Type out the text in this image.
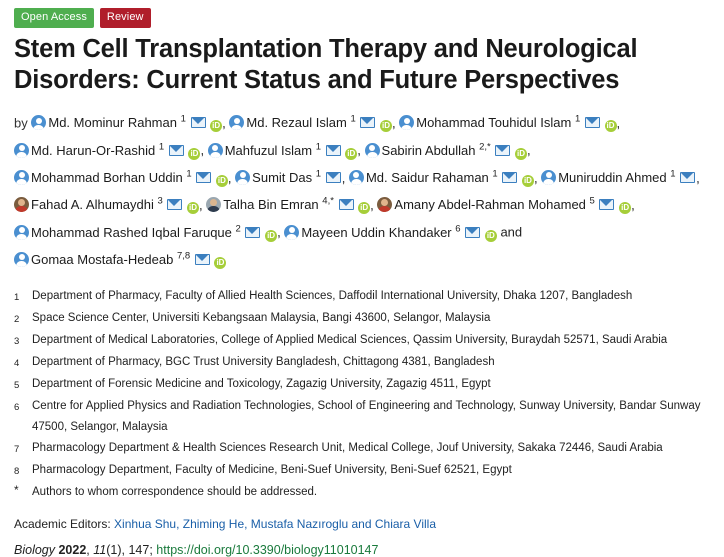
Open Access	Review
Stem Cell Transplantation Therapy and Neurological Disorders: Current Status and Future Perspectives
by Md. Mominur Rahman $^1$  iD , Md. Rezaul Islam $^1$  iD , Mohammad Touhidul Islam $^1$  iD , Md. Harun-Or-Rashid $^1$  iD , Mahfuzul Islam $^1$  iD , Sabirin Abdullah $^{2,*}$  iD , Mohammad Borhan Uddin $^1$  iD , Sumit Das $^1$ , Md. Saidur Rahaman $^1$  iD , Muniruddin Ahmed $^1$ , Fahad A. Alhumaydhi $^3$  iD , Talha Bin Emran $^{4,*}$  iD , Amany Abdel-Rahman Mohamed $^5$  iD , Mohammad Rashed Iqbal Faruque $^2$  iD , Mayeen Uddin Khandaker $^6$  iD and Gomaa Mostafa-Hedeab $^{7,8}$  iD
1	Department of Pharmacy, Faculty of Allied Health Sciences, Daffodil International University, Dhaka 1207, Bangladesh
2	Space Science Center, Universiti Kebangsaan Malaysia, Bangi 43600, Selangor, Malaysia
3	Department of Medical Laboratories, College of Applied Medical Sciences, Qassim University, Buraydah 52571, Saudi Arabia
4	Department of Pharmacy, BGC Trust University Bangladesh, Chittagong 4381, Bangladesh
5	Department of Forensic Medicine and Toxicology, Zagazig University, Zagazig 4511, Egypt
6	Centre for Applied Physics and Radiation Technologies, School of Engineering and Technology, Sunway University, Bandar Sunway 47500, Selangor, Malaysia
7	Pharmacology Department & Health Sciences Research Unit, Medical College, Jouf University, Sakaka 72446, Saudi Arabia
8	Pharmacology Department, Faculty of Medicine, Beni-Suef University, Beni-Suef 62521, Egypt
*	Authors to whom correspondence should be addressed.
Academic Editors: Xinhua Shu, Zhiming He, Mustafa Nazıroglu and Chiara Villa
Biology 2022, 11(1), 147; https://doi.org/10.3390/biology11010147
